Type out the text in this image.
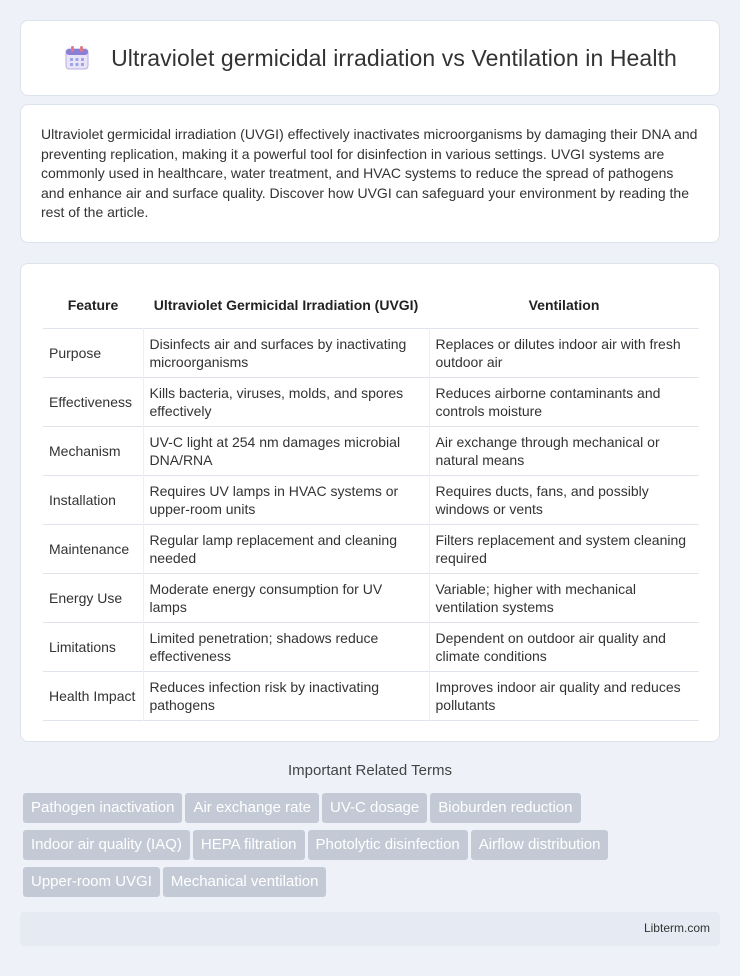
Ultraviolet germicidal irradiation vs Ventilation in Health

Ultraviolet germicidal irradiation (UVGI) effectively inactivates microorganisms by damaging their DNA and preventing replication, making it a powerful tool for disinfection in various settings. UVGI systems are commonly used in healthcare, water treatment, and HVAC systems to reduce the spread of pathogens and enhance air and surface quality. Discover how UVGI can safeguard your environment by reading the rest of the article.

Feature	Ultraviolet Germicidal Irradiation (UVGI)	Ventilation
Purpose	Disinfects air and surfaces by inactivating microorganisms	Replaces or dilutes indoor air with fresh outdoor air
Effectiveness	Kills bacteria, viruses, molds, and spores effectively	Reduces airborne contaminants and controls moisture
Mechanism	UV-C light at 254 nm damages microbial DNA/RNA	Air exchange through mechanical or natural means
Installation	Requires UV lamps in HVAC systems or upper-room units	Requires ducts, fans, and possibly windows or vents
Maintenance	Regular lamp replacement and cleaning needed	Filters replacement and system cleaning required
Energy Use	Moderate energy consumption for UV lamps	Variable; higher with mechanical ventilation systems
Limitations	Limited penetration; shadows reduce effectiveness	Dependent on outdoor air quality and climate conditions
Health Impact	Reduces infection risk by inactivating pathogens	Improves indoor air quality and reduces pollutants
Important Related Terms
Pathogen inactivation Air exchange rate UV-C dosage Bioburden reductionIndoor air quality (IAQ) HEPA filtration Photolytic disinfection Airflow distributionUpper-room UVGI Mechanical ventilation
Libterm.com
